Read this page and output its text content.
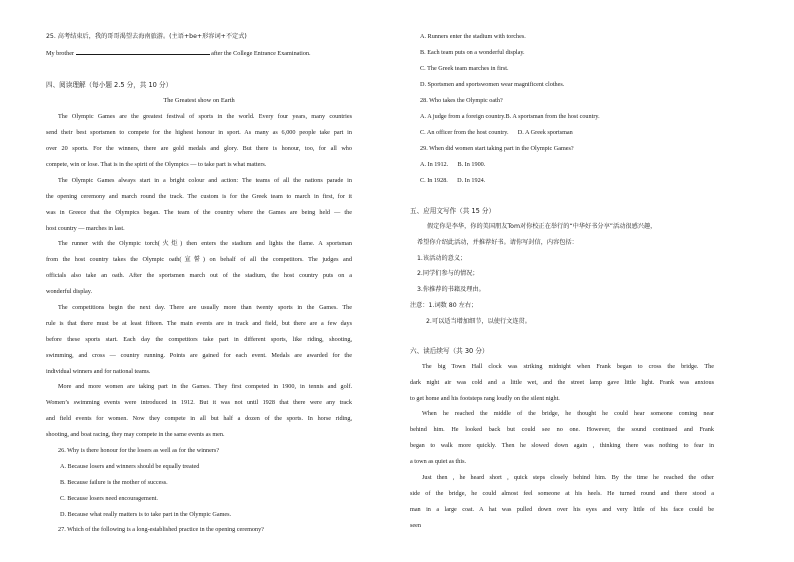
25. 高考结束后，我的哥哥渴望去海南旅游。(主语+be+形容词+不定式)
My brother	after the College Entrance Examination.
四、阅读理解（每小题 2.5 分，共 10 分）
The Greatest show on Earth
The Olympic Games are the greatest festival of sports in the world. Every four years, many countries
send their best sportsmen to compete for the highest honour in sport. As many as 6,000 people take part in
over 20 sports. For the winners, there are gold medals and glory. But there is honour, too, for all who
compete, win or lose. That is in the spirit of the Olympics — to take part is what matters.
The Olympic Games always start in a bright colour and action: The teams of all the nations parade in
the opening ceremony and march round the track. The custom is for the Greek team to march in first, for it
was in Greece that the Olympics began. The team of the country where the Games are being held — the
host country — marches in last.
The runner with the Olympic torch(火炬) then enters the stadium and lights the flame. A sportsman
from the host country takes the Olympic oath(宣誓) on behalf of all the competitors. The judges and
officials also take an oath. After the sportsmen march out of the stadium, the host country puts on a
wonderful display.
The competitions begin the next day. There are usually more than twenty sports in the Games. The
rule is that there must be at least fifteen. The main events are in track and field, but there are a few days
before these sports start. Each day the competitors take part in different sports, like riding, shooting,
swimming, and cross — country running. Points are gained for each event. Medals are awarded for the
individual winners and for national teams.
More and more women are taking part in the Games. They first competed in 1900, in tennis and golf.
Women’s swimming events were introduced in 1912. But it was not until 1928 that there were any track
and field events for women. Now they compete in all but half a dozen of the sports. In horse riding,
shooting, and boat racing, they may compete in the same events as men.
26. Why is there honour for the losers as well as for the winners?
A. Because losers and winners should be equally treated
B. Because failure is the mother of success.
C. Because losers need encouragement.
D. Because what really matters is to take part in the Olympic Games.
27. Which of the following is a long-established practice in the opening ceremony?
A. Runners enter the stadium with torches.
B. Each team puts on a wonderful display.
C. The Greek team marches in first.
D. Sportsmen and sportswomen wear magnificent clothes.
28. Who takes the Olympic oath?
A. A judge from a foreign country.B. A sportsman from the host country.
C. An officer from the host country.      D. A Greek sportsman
29. When did women start taking part in the Olympic Games?
A. In 1912.      B. In 1900.
C. In 1928.      D. In 1924.
五、应用文写作（共 15 分）
假定你是李华，你的美国朋友Tom对你校正在举行的“中华好书分享”活动很感兴趣，
希望你介绍此活动，并推荐好书。请你写封信，内容包括：
1.该活动的意义；
2.同学们参与的情况；
3.你推荐的书籍及理由。
注意：1.词数 80 左右；
2.可以适当增加细节，以使行文连贯。
六、读后续写（共 30 分）
The big Town Hall clock was striking midnight when Frank began to cross the bridge. The
dark night air was cold and a little wet, and the street lamp gave little light. Frank was anxious
to get home and his footsteps rang loudly on the silent night.
When he reached the middle of the bridge, he thought he could hear someone coming near
behind him. He looked back but could see no one. However, the sound continued and Frank
began to walk more quickly. Then he slowed down again , thinking there was nothing to fear in
a town as quiet as this.
Just then , he heard short , quick steps closely behind him. By the time he reached the other
side of the bridge, he could almost feel someone at his heels. He turned round and there stood a
man in a large coat. A hat was pulled down over his eyes and very little of his face could be
seen
